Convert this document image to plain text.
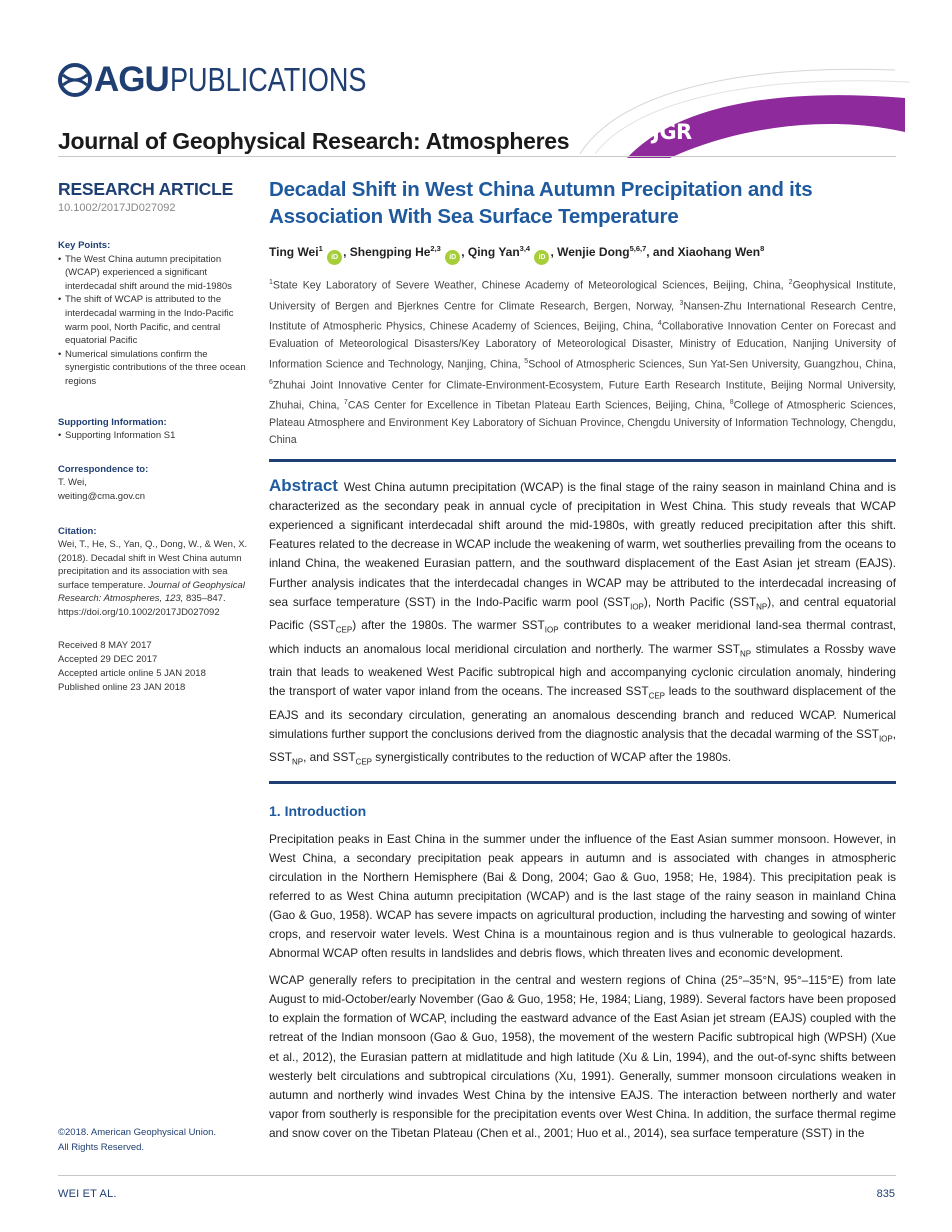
AGU PUBLICATIONS
JGR
Journal of Geophysical Research: Atmospheres
RESEARCH ARTICLE
10.1002/2017JD027092
Key Points:
• The West China autumn precipitation (WCAP) experienced a significant interdecadal shift around the mid-1980s
• The shift of WCAP is attributed to the interdecadal warming in the Indo-Pacific warm pool, North Pacific, and central equatorial Pacific
• Numerical simulations confirm the synergistic contributions of the three ocean regions
Supporting Information:
• Supporting Information S1
Correspondence to:
T. Wei,
weiting@cma.gov.cn
Citation:
Wei, T., He, S., Yan, Q., Dong, W., & Wen, X. (2018). Decadal shift in West China autumn precipitation and its association with sea surface temperature. Journal of Geophysical Research: Atmospheres, 123, 835–847. https://doi.org/10.1002/2017JD027092
Received 8 MAY 2017
Accepted 29 DEC 2017
Accepted article online 5 JAN 2018
Published online 23 JAN 2018
©2018. American Geophysical Union.
All Rights Reserved.
Decadal Shift in West China Autumn Precipitation and its Association With Sea Surface Temperature
Ting Wei$^1$ iD , Shengping He$^{2,3}$ iD , Qing Yan$^{3,4}$ iD , Wenjie Dong$^{5,6,7}$, and Xiaohang Wen$^8$
$^1$State Key Laboratory of Severe Weather, Chinese Academy of Meteorological Sciences, Beijing, China, $^2$Geophysical Institute, University of Bergen and Bjerknes Centre for Climate Research, Bergen, Norway, $^3$Nansen-Zhu International Research Centre, Institute of Atmospheric Physics, Chinese Academy of Sciences, Beijing, China, $^4$Collaborative Innovation Center on Forecast and Evaluation of Meteorological Disasters/Key Laboratory of Meteorological Disaster, Ministry of Education, Nanjing University of Information Science and Technology, Nanjing, China, $^5$School of Atmospheric Sciences, Sun Yat-Sen University, Guangzhou, China, $^6$Zhuhai Joint Innovative Center for Climate-Environment-Ecosystem, Future Earth Research Institute, Beijing Normal University, Zhuhai, China, $^7$CAS Center for Excellence in Tibetan Plateau Earth Sciences, Beijing, China, $^8$College of Atmospheric Sciences, Plateau Atmosphere and Environment Key Laboratory of Sichuan Province, Chengdu University of Information Technology, Chengdu, China
Abstract West China autumn precipitation (WCAP) is the final stage of the rainy season in mainland China and is characterized as the secondary peak in annual cycle of precipitation in West China. This study reveals that WCAP experienced a significant interdecadal shift around the mid-1980s, with greatly reduced precipitation after this shift. Features related to the decrease in WCAP include the weakening of warm, wet southerlies prevailing from the oceans to inland China, the weakened Eurasian pattern, and the southward displacement of the East Asian jet stream (EAJS). Further analysis indicates that the interdecadal changes in WCAP may be attributed to the interdecadal increasing of sea surface temperature (SST) in the Indo-Pacific warm pool $(SST_{IOP})$, North Pacific $(SST_{NP})$, and central equatorial Pacific $(SST_{CEP})$ after the 1980s. The warmer $SST_{IOP}$ contributes to a weaker meridional land-sea thermal contrast, which inducts an anomalous local meridional circulation and northerly. The warmer $SST_{NP}$ stimulates a Rossby wave train that leads to weakened West Pacific subtropical high and accompanying cyclonic circulation anomaly, hindering the transport of water vapor inland from the oceans. The increased $SST_{CEP}$ leads to the southward displacement of the EAJS and its secondary circulation, generating an anomalous descending branch and reduced WCAP. Numerical simulations further support the conclusions derived from the diagnostic analysis that the decadal warming of the $SST_{IOP}$, $SST_{NP}$, and $SST_{CEP}$ synergistically contributes to the reduction of WCAP after the 1980s.
1. Introduction
Precipitation peaks in East China in the summer under the influence of the East Asian summer monsoon. However, in West China, a secondary precipitation peak appears in autumn and is associated with changes in atmospheric circulation in the Northern Hemisphere (Bai & Dong, 2004; Gao & Guo, 1958; He, 1984). This precipitation peak is referred to as West China autumn precipitation (WCAP) and is the last stage of the rainy season in mainland China (Gao & Guo, 1958). WCAP has severe impacts on agricultural production, including the harvesting and sowing of winter crops, and reservoir water levels. West China is a mountainous region and is thus vulnerable to geological hazards. Abnormal WCAP often results in landslides and debris flows, which threaten lives and economic development.
WCAP generally refers to precipitation in the central and western regions of China (25°–35°N, 95°–115°E) from late August to mid-October/early November (Gao & Guo, 1958; He, 1984; Liang, 1989). Several factors have been proposed to explain the formation of WCAP, including the eastward advance of the East Asian jet stream (EAJS) coupled with the retreat of the Indian monsoon (Gao & Guo, 1958), the movement of the western Pacific subtropical high (WPSH) (Xue et al., 2012), the Eurasian pattern at midlatitude and high latitude (Xu & Lin, 1994), and the out-of-sync shifts between westerly belt circulations and subtropical circulations (Xu, 1991). Generally, summer monsoon circulations weaken in autumn and northerly wind invades West China by the intensive EAJS. The interaction between northerly and water vapor from southerly is responsible for the precipitation events over West China. In addition, the surface thermal regime and snow cover on the Tibetan Plateau (Chen et al., 2001; Huo et al., 2014), sea surface temperature (SST) in the
WEI ET AL.	835
